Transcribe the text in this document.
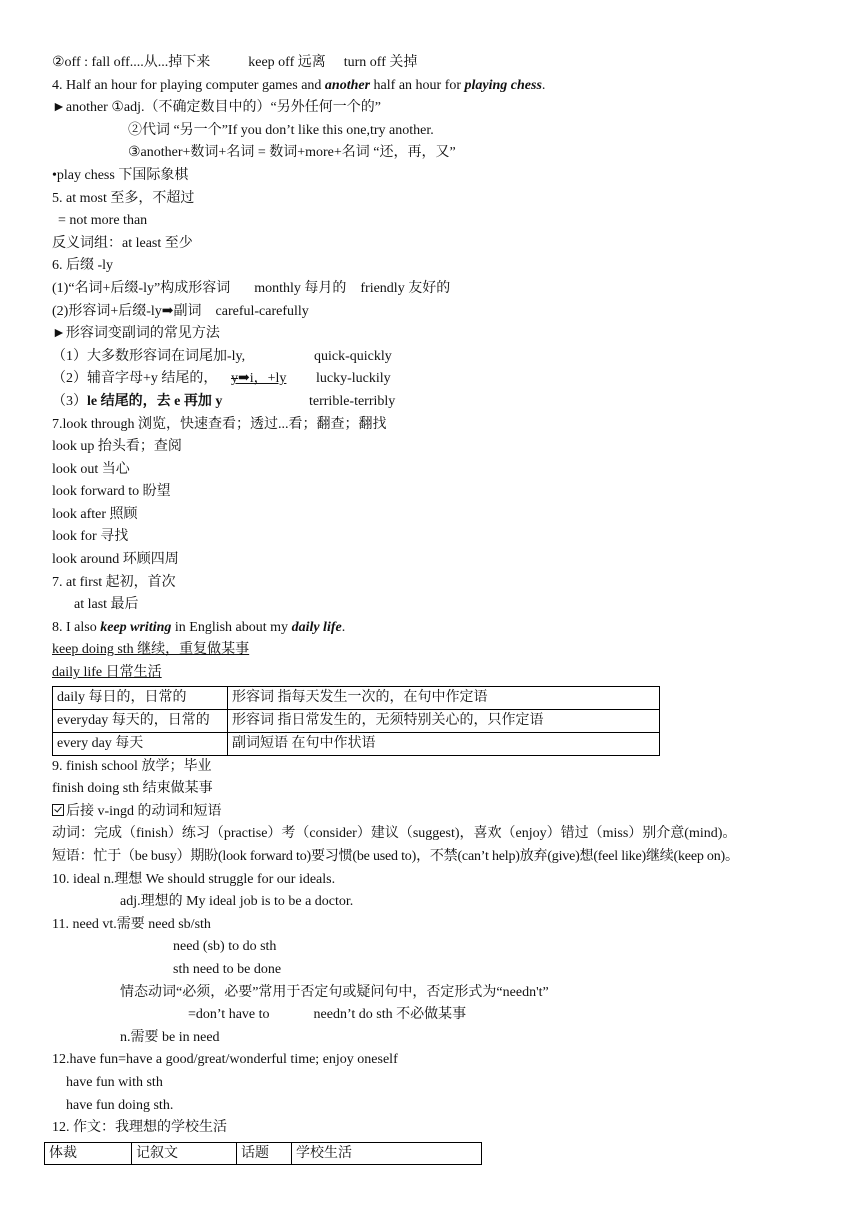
②off : fall off....从...掉下来	keep off 远离 turn off 关掉
4. Half an hour for playing computer games and another half an hour for playing chess.
►another ①adj.（不确定数目中的）“另外任何一个的”
②代词 “另一个”If you don’t like this one,try another.
③another+数词+名词 = 数词+more+名词 “还，再，又”
•play chess 下国际象棋
5. at most 至多，不超过
= not more than
反义词组：at least 至少
6. 后缀 -ly
(1)“名词+后缀-ly”构成形容词 monthly 每月的 friendly 友好的
(2)形容词+后缀-ly➡副词 careful-carefully
►形容词变副词的常见方法
（1）大多数形容词在词尾加-ly,	quick-quickly
（2）辅音字母+y 结尾的， y➡i，+ly lucky-luckily
（3）le 结尾的，去 e 再加 y	terrible-terribly
7.look through 浏览，快速查看；透过...看；翻查；翻找
look up 抬头看；查阅
look out 当心
look forward to 盼望
look after 照顾
look for 寻找
look around 环顾四周
7. at first 起初，首次
at last 最后
8. I also keep writing in English about my daily life.
keep doing sth 继续，重复做某事
daily life 日常生活
daily 每日的，日常的	形容词 指每天发生一次的，在句中作定语
everyday 每天的，日常的	形容词 指日常发生的，无须特别关心的，只作定语
every day 每天	副词短语 在句中作状语
9. finish school 放学；毕业
finish doing sth 结束做某事
后接 v-ingd 的动词和短语
动词：完成（finish）练习（practise）考（consider）建议（suggest)，喜欢（enjoy）错过（miss）别介意(mind)。
短语：忙于（be busy）期盼(look forward to)要习惯(be used to)，不禁(can’t help)放弃(give)想(feel like)继续(keep on)。
10. ideal n.理想 We should struggle for our ideals.
adj.理想的 My ideal job is to be a doctor.
11. need vt.需要 need sb/sth
need (sb) to do sth
sth need to be done
情态动词“必须，必要”常用于否定句或疑问句中，否定形式为“needn't”
=don’t have to	needn’t do sth 不必做某事
n.需要 be in need
12.have fun=have a good/great/wonderful time; enjoy oneself
have fun with sth
have fun doing sth.
12. 作文：我理想的学校生活
体裁	记叙文	话题	学校生活
